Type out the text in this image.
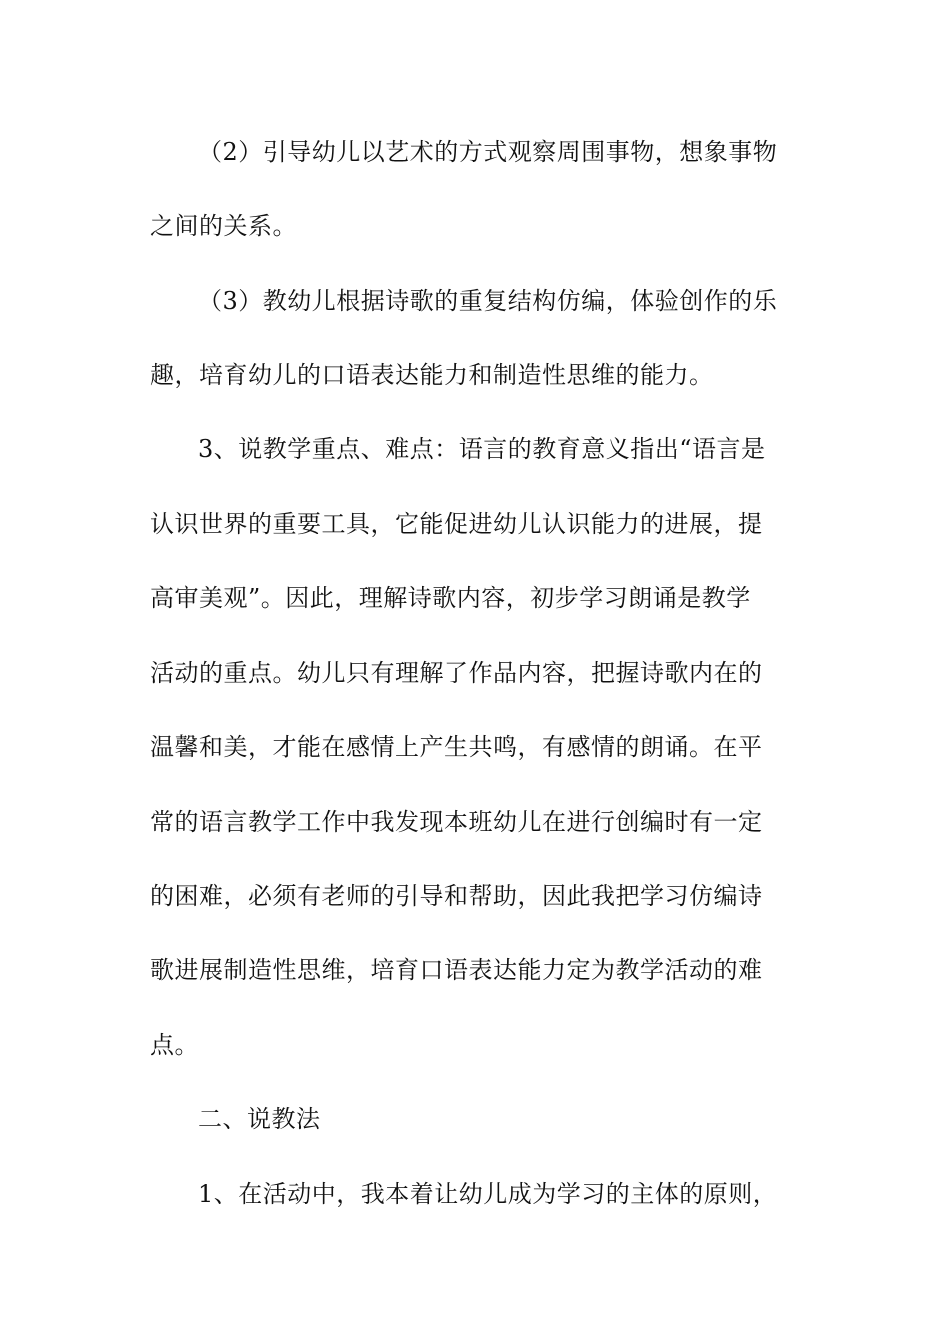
（2）引导幼儿以艺术的方式观察周围事物，想象事物
之间的关系。
（3）教幼儿根据诗歌的重复结构仿编，体验创作的乐
趣，培育幼儿的口语表达能力和制造性思维的能力。
3、说教学重点、难点：语言的教育意义指出“语言是
认识世界的重要工具，它能促进幼儿认识能力的进展，提
高审美观”。因此，理解诗歌内容，初步学习朗诵是教学
活动的重点。幼儿只有理解了作品内容，把握诗歌内在的
温馨和美，才能在感情上产生共鸣，有感情的朗诵。在平
常的语言教学工作中我发现本班幼儿在进行创编时有一定
的困难，必须有老师的引导和帮助，因此我把学习仿编诗
歌进展制造性思维，培育口语表达能力定为教学活动的难
点。
二、说教法
1、在活动中，我本着让幼儿成为学习的主体的原则，
